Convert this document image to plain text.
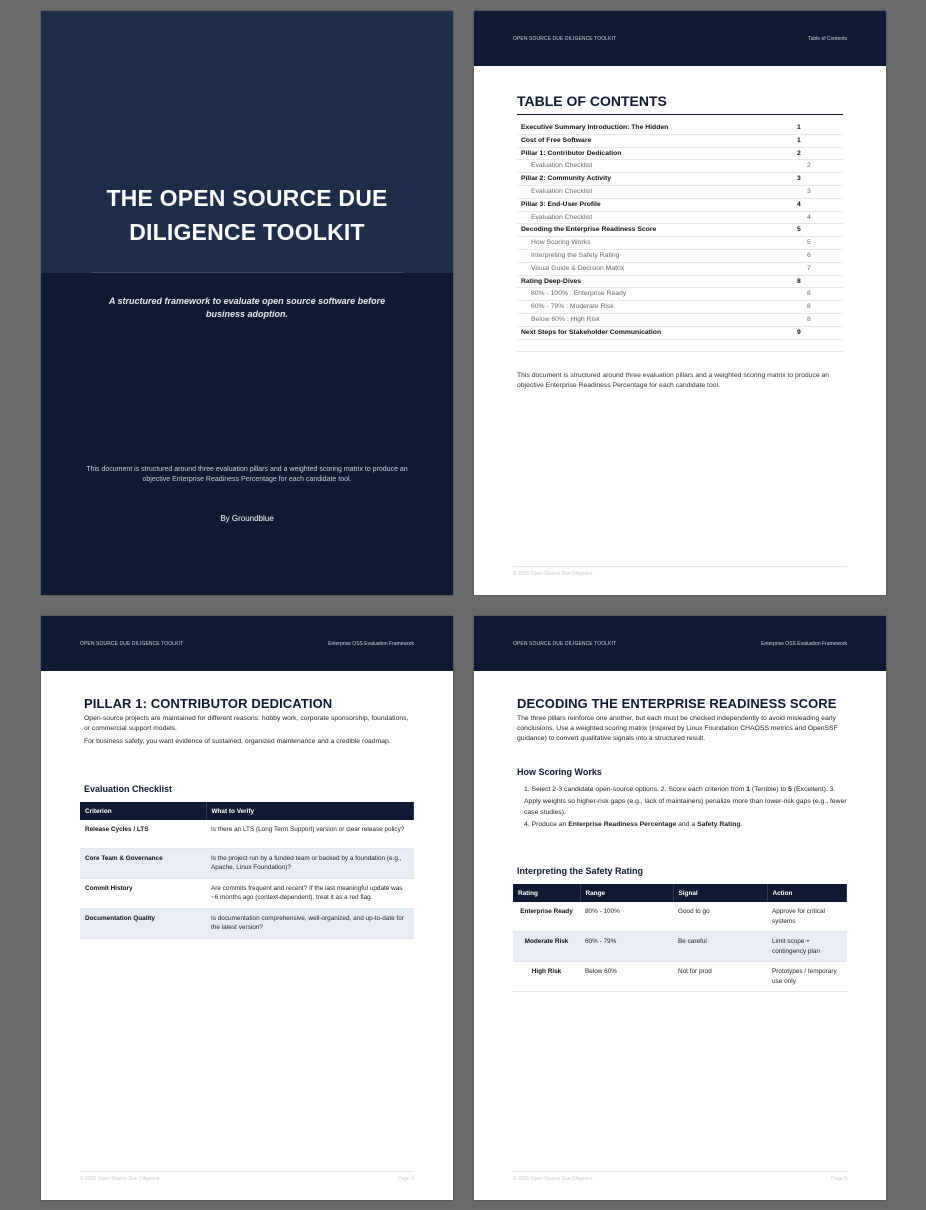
THE OPEN SOURCE DUE DILIGENCE TOOLKIT
A structured framework to evaluate open source software before business adoption.
This document is structured around three evaluation pillars and a weighted scoring matrix to produce an objective Enterprise Readiness Percentage for each candidate tool.
By Groundblue
OPEN SOURCE DUE DILIGENCE TOOLKIT	Table of Contents
TABLE OF CONTENTS
Executive Summary Introduction: The Hidden	1
Cost of Free Software	1
Pillar 1: Contributor Dedication	2
Evaluation Checklist	2
Pillar 2: Community Activity	3
Evaluation Checklist	3
Pillar 3: End-User Profile	4
Evaluation Checklist	4
Decoding the Enterprise Readiness Score	5
How Scoring Works	5
Interpreting the Safety Rating	6
Visual Guide & Decision Matrix	7
Rating Deep-Dives	8
80% - 100% : Enterprise Ready	8
60% - 79% : Moderate Risk	8
Below 60% : High Risk	8
Next Steps for Stakeholder Communication	9
This document is structured around three evaluation pillars and a weighted scoring matrix to produce an objective Enterprise Readiness Percentage for each candidate tool.
© 2026 Open Source Due Diligence
OPEN SOURCE DUE DILIGENCE TOOLKIT	Enterprise OSS Evaluation Framework
PILLAR 1: CONTRIBUTOR DEDICATION
Open-source projects are maintained for different reasons: hobby work, corporate sponsorship, foundations, or commercial support models.
For business safety, you want evidence of sustained, organized maintenance and a credible roadmap.
Evaluation Checklist
Criterion	What to Verify
Release Cycles / LTS	Is there an LTS (Long Term Support) version or clear release policy?
Core Team & Governance	Is the project run by a funded team or backed by a foundation (e.g., Apache, Linux Foundation)?
Commit History	Are commits frequent and recent? If the last meaningful update was ~6 months ago (context-dependent), treat it as a red flag.
Documentation Quality	Is documentation comprehensive, well-organized, and up-to-date for the latest version?
© 2026 Open Source Due Diligence	Page 3
OPEN SOURCE DUE DILIGENCE TOOLKIT	Enterprise OSS Evaluation Framework
DECODING THE ENTERPRISE READINESS SCORE
The three pillars reinforce one another, but each must be checked independently to avoid misleading early conclusions. Use a weighted scoring matrix (inspired by Linux Foundation CHAOSS metrics and OpenSSF guidance) to convert qualitative signals into a structured result.
How Scoring Works
1. Select 2-3 candidate open-source options. 2. Score each criterion from 1 (Terrible) to 5 (Excellent). 3. Apply weights so higher-risk gaps (e.g., lack of maintainers) penalize more than lower-risk gaps (e.g., fewer case studies).
4. Produce an Enterprise Readiness Percentage and a Safety Rating.
Interpreting the Safety Rating
Rating	Range	Signal	Action
Enterprise Ready	80% - 100%	Good to go	Approve for critical systems
Moderate Risk	60% - 79%	Be careful	Limit scope + contingency plan
High Risk	Below 60%	Not for prod	Prototypes / temporary use only
© 2026 Open Source Due Diligence	Page 5
